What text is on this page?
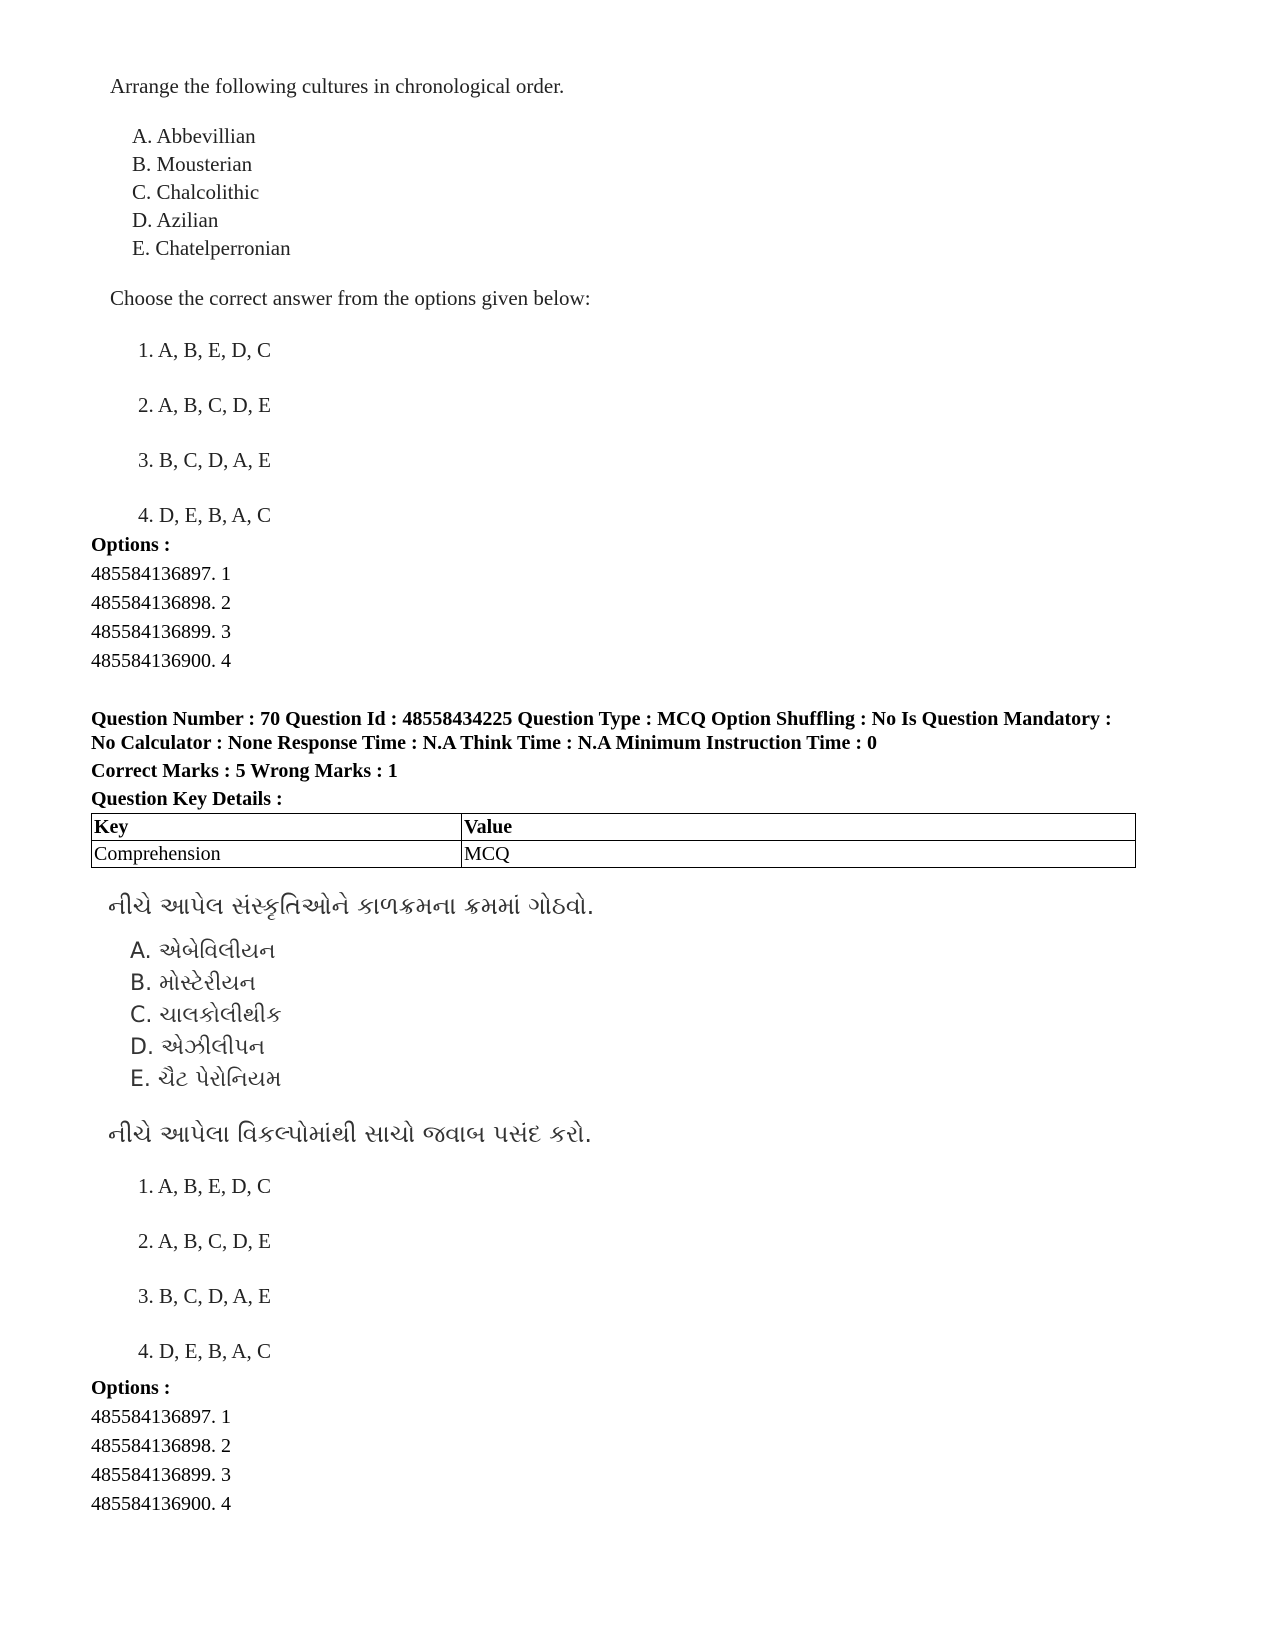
Arrange the following cultures in chronological order.

A. Abbevillian
B. Mousterian
C. Chalcolithic
D. Azilian
E. Chatelperronian
Choose the correct answer from the options given below:
1. A, B, E, D, C
2. A, B, C, D, E
3. B, C, D, A, E
4. D, E, B, A, C
Options :
485584136897. 1
485584136898. 2
485584136899. 3
485584136900. 4
Question Number : 70 Question Id : 48558434225 Question Type : MCQ Option Shuffling : No Is Question Mandatory :
No Calculator : None Response Time : N.A Think Time : N.A Minimum Instruction Time : 0
Correct Marks : 5 Wrong Marks : 1
Question Key Details :
Key	Value
Comprehension	MCQ

નીચે આપેલ સંસ્કૃતિઓને કાળક્રમના ક્રમમાં ગોઠવો.

A. એબેવિલીયન
B. મોસ્ટેરીયન
C. ચાલકોલીથીક
D. એઝીલીપન
E. ચૈટ પેરોનિયમ
નીચે આપેલા વિકલ્પોમાંથી સાચો જવાબ પસંદ કરો.
1. A, B, E, D, C
2. A, B, C, D, E
3. B, C, D, A, E
4. D, E, B, A, C
Options :
485584136897. 1
485584136898. 2
485584136899. 3
485584136900. 4
